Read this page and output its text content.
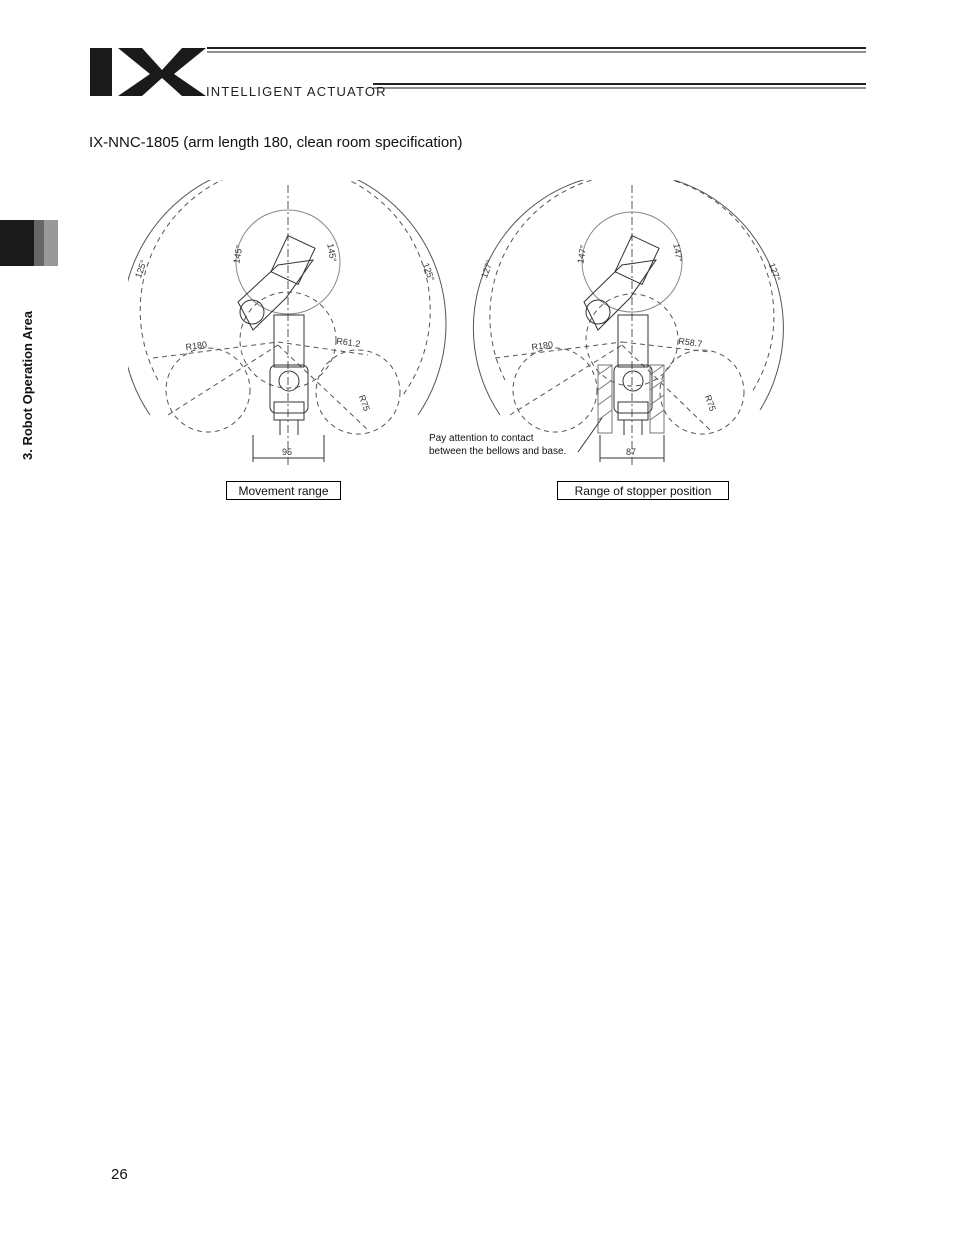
INTELLIGENT ACTUATOR
3. Robot Operation Area
IX-NNC-1805 (arm length 180, clean room specification)
125°	125°
145°	145°
R180	R61.2
R75
95
Movement range
127°	127°
147°	147°
R180	R58.7
R75
87
Pay attention to contact
between the bellows and base.
Range of stopper position
26
